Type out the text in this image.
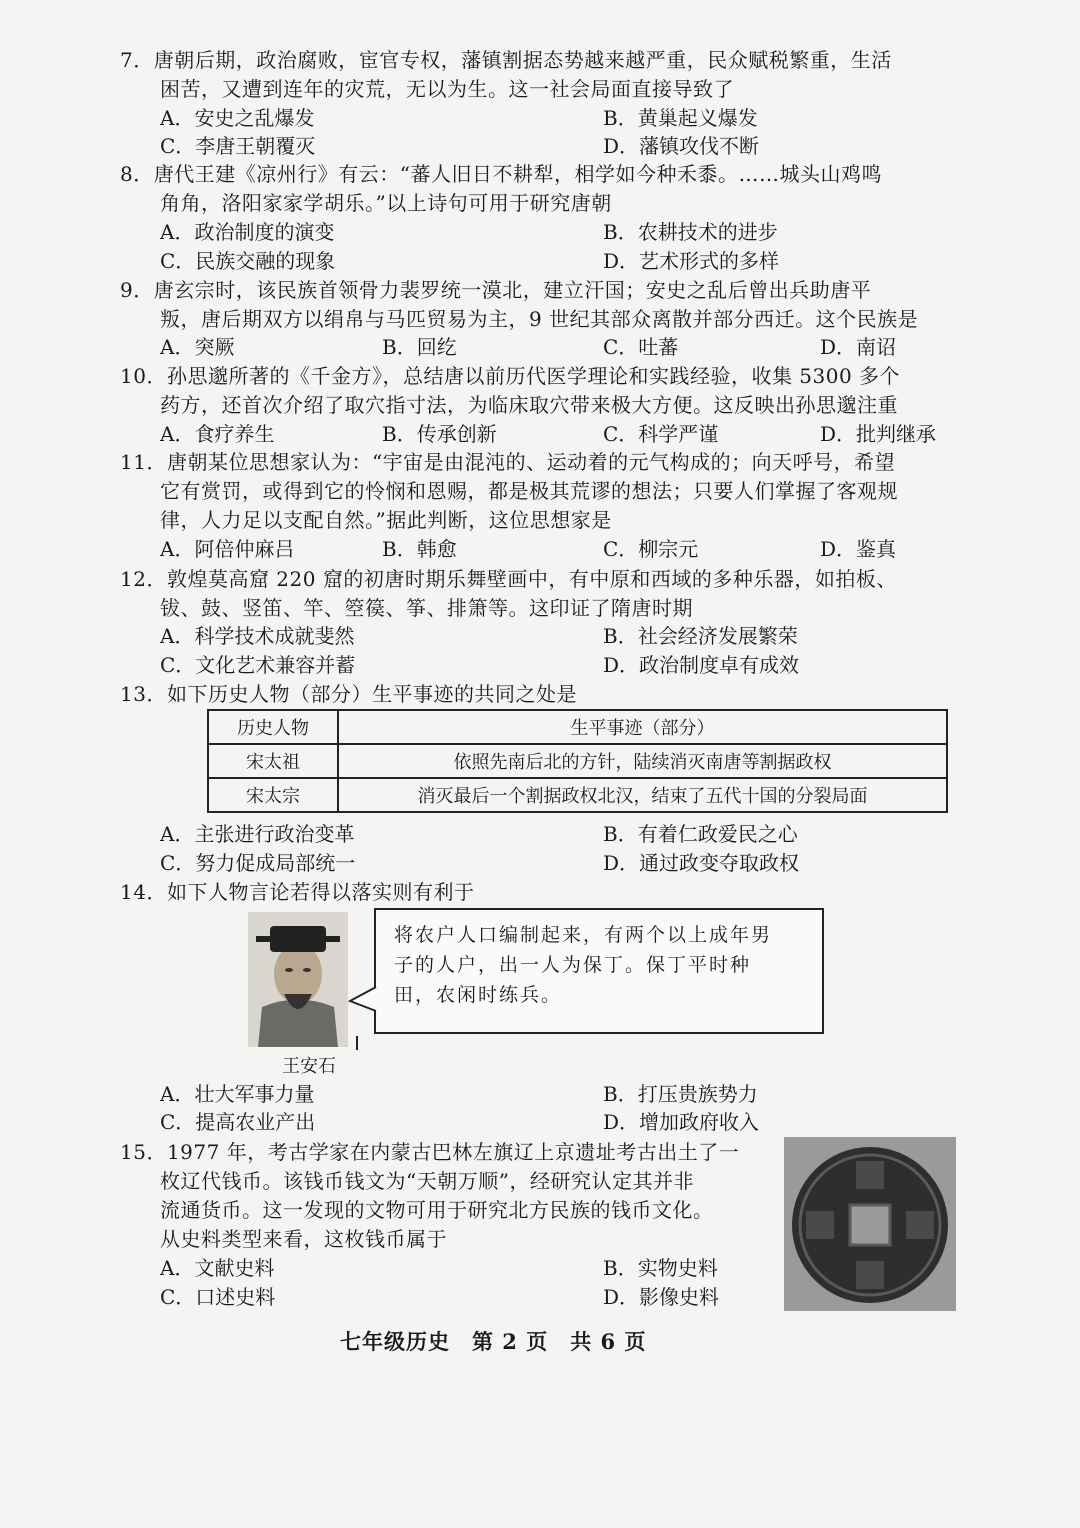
7．唐朝后期，政治腐败，宦官专权，藩镇割据态势越来越严重，民众赋税繁重，生活
困苦，又遭到连年的灾荒，无以为生。这一社会局面直接导致了
A．安史之乱爆发	B．黄巢起义爆发
C．李唐王朝覆灭	D．藩镇攻伐不断
8．唐代王建《凉州行》有云：“蕃人旧日不耕犁，相学如今种禾黍。……城头山鸡鸣
角角，洛阳家家学胡乐。”以上诗句可用于研究唐朝
A．政治制度的演变	B．农耕技术的进步
C．民族交融的现象	D．艺术形式的多样
9．唐玄宗时，该民族首领骨力裴罗统一漠北，建立汗国；安史之乱后曾出兵助唐平
叛，唐后期双方以绢帛与马匹贸易为主，9 世纪其部众离散并部分西迁。这个民族是
A．突厥	B．回纥	C．吐蕃	D．南诏
10．孙思邈所著的《千金方》，总结唐以前历代医学理论和实践经验，收集 5300 多个
药方，还首次介绍了取穴指寸法，为临床取穴带来极大方便。这反映出孙思邈注重
A．食疗养生	B．传承创新	C．科学严谨	D．批判继承
11．唐朝某位思想家认为：“宇宙是由混沌的、运动着的元气构成的；向天呼号，希望
它有赏罚，或得到它的怜悯和恩赐，都是极其荒谬的想法；只要人们掌握了客观规
律，人力足以支配自然。”据此判断，这位思想家是
A．阿倍仲麻吕	B．韩愈	C．柳宗元	D．鉴真
12．敦煌莫高窟 220 窟的初唐时期乐舞壁画中，有中原和西域的多种乐器，如拍板、
钹、鼓、竖笛、竿、箜篌、筝、排箫等。这印证了隋唐时期
A．科学技术成就斐然	B．社会经济发展繁荣
C．文化艺术兼容并蓄	D．政治制度卓有成效
13．如下历史人物（部分）生平事迹的共同之处是
历史人物	生平事迹（部分）
宋太祖	依照先南后北的方针，陆续消灭南唐等割据政权
宋太宗	消灭最后一个割据政权北汉，结束了五代十国的分裂局面
A．主张进行政治变革	B．有着仁政爱民之心
C．努力促成局部统一	D．通过政变夺取政权
14．如下人物言论若得以落实则有利于
王安石
将农户人口编制起来，有两个以上成年男
子的人户，出一人为保丁。保丁平时种
田，农闲时练兵。
A．壮大军事力量	B．打压贵族势力
C．提高农业产出	D．增加政府收入
15．1977 年，考古学家在内蒙古巴林左旗辽上京遗址考古出土了一
枚辽代钱币。该钱币钱文为“天朝万顺”，经研究认定其并非
流通货币。这一发现的文物可用于研究北方民族的钱币文化。
从史料类型来看，这枚钱币属于
A．文献史料	B．实物史料
C．口述史料	D．影像史料
七年级历史　第 2 页　共 6 页
